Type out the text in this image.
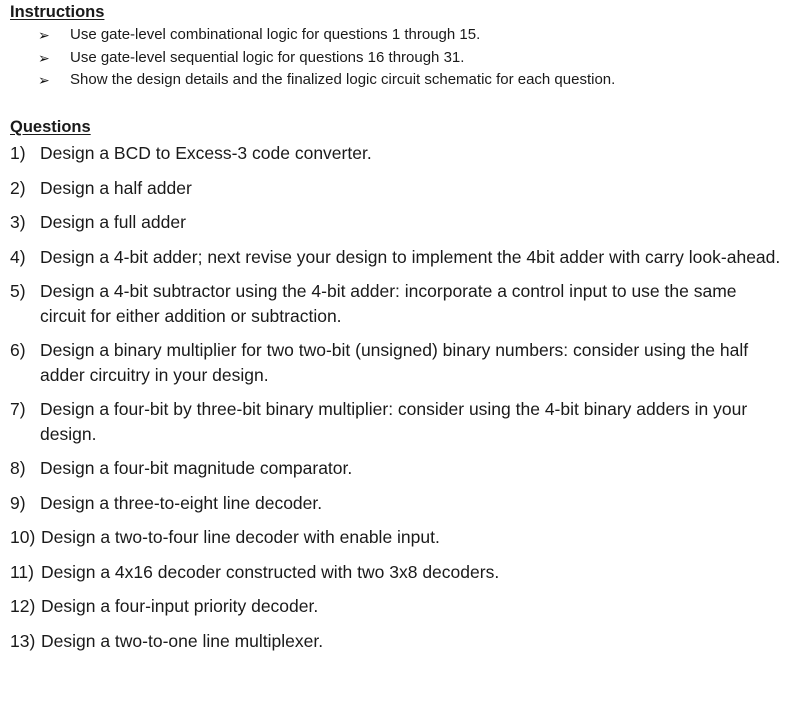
Instructions
➢ Use gate-level combinational logic for questions 1 through 15.
➢ Use gate-level sequential logic for questions 16 through 31.
➢ Show the design details and the finalized logic circuit schematic for each question.
Questions
1) Design a BCD to Excess-3 code converter.
2) Design a half adder
3) Design a full adder
4) Design a 4-bit adder; next revise your design to implement the 4bit adder with carry look-ahead.
5) Design a 4-bit subtractor using the 4-bit adder: incorporate a control input to use the same circuit for either addition or subtraction.
6) Design a binary multiplier for two two-bit (unsigned) binary numbers: consider using the half adder circuitry in your design.
7) Design a four-bit by three-bit binary multiplier: consider using the 4-bit binary adders in your design.
8) Design a four-bit magnitude comparator.
9) Design a three-to-eight line decoder.
10) Design a two-to-four line decoder with enable input.
11) Design a 4x16 decoder constructed with two 3x8 decoders.
12) Design a four-input priority decoder.
13) Design a two-to-one line multiplexer.
